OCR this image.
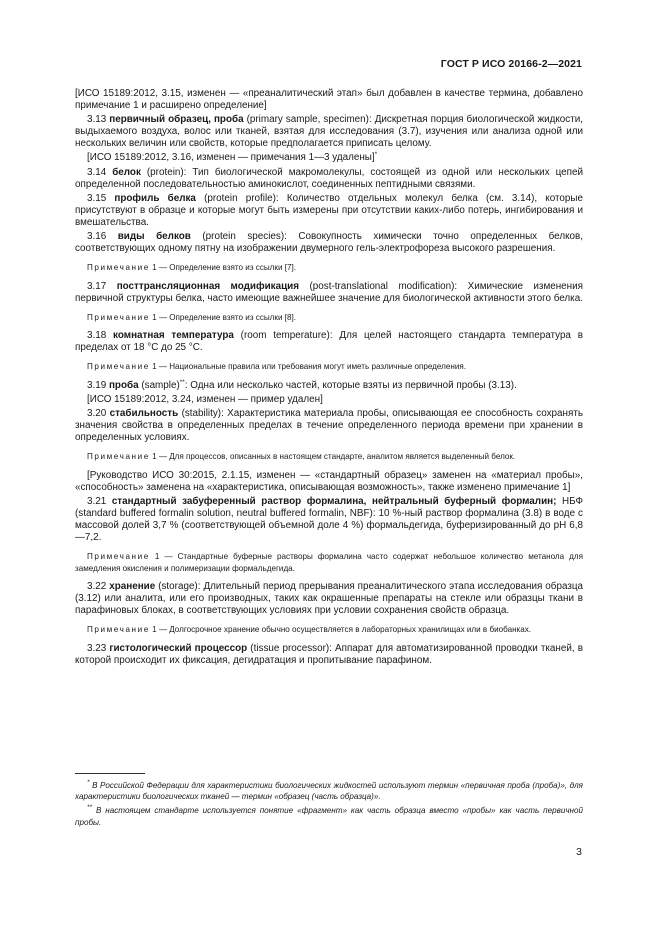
ГОСТ Р ИСО 20166-2—2021
[ИСО 15189:2012, 3.15, изменен — «преаналитический этап» был добавлен в качестве термина, добавлено примечание 1 и расширено определение]
3.13 первичный образец, проба (primary sample, specimen): Дискретная порция биологической жидкости, выдыхаемого воздуха, волос или тканей, взятая для исследования (3.7), изучения или анализа одной или нескольких величин или свойств, которые предполагается приписать целому.
[ИСО 15189:2012, 3.16, изменен — примечания 1—3 удалены]*
3.14 белок (protein): Тип биологической макромолекулы, состоящей из одной или нескольких цепей определенной последовательностью аминокислот, соединенных пептидными связями.
3.15 профиль белка (protein profile): Количество отдельных молекул белка (см. 3.14), которые присутствуют в образце и которые могут быть измерены при отсутствии каких-либо потерь, ингибирования и вмешательства.
3.16 виды белков (protein species): Совокупность химически точно определенных белков, соответствующих одному пятну на изображении двумерного гель-электрофореза высокого разрешения.
Примечание 1 — Определение взято из ссылки [7].
3.17 посттрансляционная модификация (post-translational modification): Химические изменения первичной структуры белка, часто имеющие важнейшее значение для биологической активности этого белка.
Примечание 1 — Определение взято из ссылки [8].
3.18 комнатная температура (room temperature): Для целей настоящего стандарта температура в пределах от 18 °С до 25 °С.
Примечание 1 — Национальные правила или требования могут иметь различные определения.
3.19 проба (sample)**: Одна или несколько частей, которые взяты из первичной пробы (3.13).
[ИСО 15189:2012, 3.24, изменен — пример удален]
3.20 стабильность (stability): Характеристика материала пробы, описывающая ее способность сохранять значения свойства в определенных пределах в течение определенного периода времени при хранении в определенных условиях.
Примечание 1 — Для процессов, описанных в настоящем стандарте, аналитом является выделенный белок.
[Руководство ИСО 30:2015, 2.1.15, изменен — «стандартный образец» заменен на «материал пробы», «способность» заменена на «характеристика, описывающая возможность», также изменено примечание 1]
3.21 стандартный забуференный раствор формалина, нейтральный буферный формалин; НБФ (standard buffered formalin solution, neutral buffered formalin, NBF): 10 %-ный раствор формалина (3.8) в воде с массовой долей 3,7 % (соответствующей объемной доле 4 %) формальдегида, буферизированный до рН 6,8—7,2.
Примечание 1 — Стандартные буферные растворы формалина часто содержат небольшое количество метанола для замедления окисления и полимеризации формальдегида.
3.22 хранение (storage): Длительный период прерывания преаналитического этапа исследования образца (3.12) или аналита, или его производных, таких как окрашенные препараты на стекле или образцы ткани в парафиновых блоках, в соответствующих условиях при условии сохранения свойств образца.
Примечание 1 — Долгосрочное хранение обычно осуществляется в лабораторных хранилищах или в биобанках.
3.23 гистологический процессор (tissue processor): Аппарат для автоматизированной проводки тканей, в которой происходит их фиксация, дегидратация и пропитывание парафином.
* В Российской Федерации для характеристики биологических жидкостей используют термин «первичная проба (проба)», для характеристики биологических тканей — термин «образец (часть образца)».
** В настоящем стандарте используется понятие «фрагмент» как часть образца вместо «пробы» как часть первичной пробы.
3
